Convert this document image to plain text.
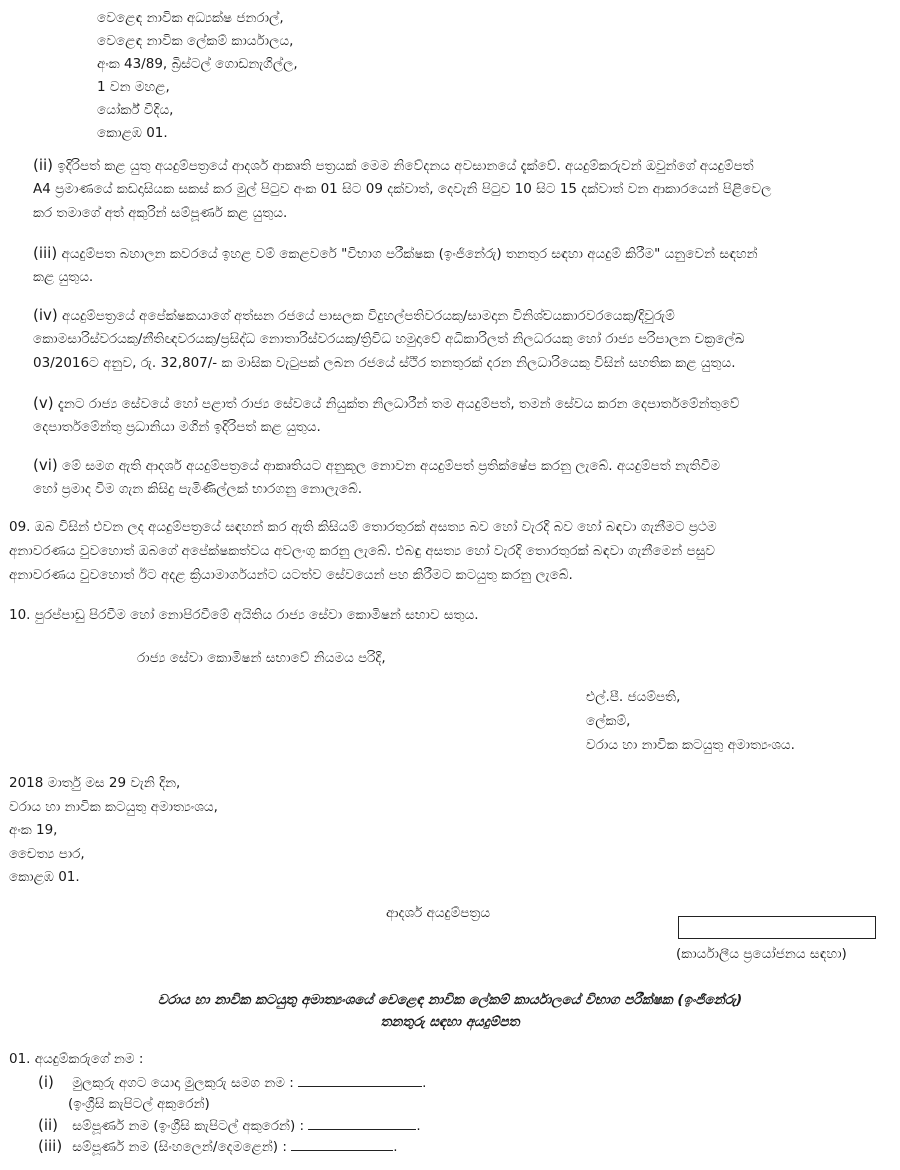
වෙළෙඳ නාවික අධ්‍යක්ෂ ජනරාල්,
වෙළෙඳ නාවික ලේකම් කාර්යාලය,
අංක 43/89, බ්‍රිස්ටල් ගොඩනැගිල්ල,
1 වන මහළ,
යෝර්ක් වීදිය,
කොළඹ 01.
(ii) ඉදිරිපත් කළ යුතු අයදුම්පත්‍රයේ ආදර්ශ ආකෘති පත්‍රයක් මෙම නිවේදනය අවසානයේ දැක්වේ. අයදුම්කරුවන් ඔවුන්ගේ අයදුම්පත්
A4 ප්‍රමාණයේ කඩදාසියක සකස් කර මුල් පිටුව අංක 01 සිට 09 දක්වාත්, දෙවැනි පිටුව 10 සිට 15 දක්වාත් වන ආකාරයෙන් පිළිවෙල
කර තමාගේ අත් අකුරින් සම්පූර්ණ කළ යුතුය.
(iii) අයදුම්පත බහාලන කවරයේ ඉහළ වම් කෙළවරේ "විභාග පරීක්ෂක (ඉංජිනේරු) තනතුර සඳහා අයදුම් කිරීම" යනුවෙන් සඳහන්
කළ යුතුය.
(iv) අයදුම්පත්‍රයේ අපේක්ෂකයාගේ අත්සන රජයේ පාසලක විදුහල්පතිවරයකු/සාමදාන විනිශ්චයකාරවරයෙකු/දිවුරුම්
කොමසාරිස්වරයකු/නීතිඥවරයකු/ප්‍රසිද්ධ නොතාරිස්වරයකු/ත්‍රිවිධ හමුදාවේ අධිකාරිලත් නිලධරයකු හෝ රාජ්‍ය පරිපාලන චක්‍රලේඛ
03/2016ට අනුව, රු. 32,807/- ක මාසික වැටුපක් ලබන රජයේ ස්ථිර තනතුරක් දරන නිලධාරියෙකු විසින් සහතික කළ යුතුය.
(v) දැනට රාජ්‍ය සේවයේ හෝ පළාත් රාජ්‍ය සේවයේ නියුක්ත නිලධාරීන් තම අයදුම්පත්, තමන් සේවය කරන දෙපාර්තමේන්තුවේ
දෙපාර්තමේන්තු ප්‍රධානියා මගින් ඉදිරිපත් කළ යුතුය.
(vi) මේ සමග ඇති ආදර්ශ අයදුම්පත්‍රයේ ආකෘතියට අනුකූල නොවන අයදුම්පත් ප්‍රතික්ෂේප කරනු ලැබේ. අයදුම්පත් නැතිවීම
හෝ ප්‍රමාද වීම ගැන කිසිදු පැමිණිල්ලක් භාරගනු නොලැබේ.
09. ඔබ විසින් එවන ලද අයදුම්පත්‍රයේ සඳහන් කර ඇති කිසියම් තොරතුරක් අසත්‍ය බව හෝ වැරදි බව හෝ බඳවා ගැනීමට ප්‍රථම
අනාවරණය වුවහොත් ඔබගේ අපේක්ෂකත්වය අවලංගු කරනු ලැබේ. එබඳු අසත්‍ය හෝ වැරදි තොරතුරක් බඳවා ගැනීමෙන් පසුව
අනාවරණය වුවහොත් ඊට අදළ ක්‍රියාමාර්ගයන්ට යටත්ව සේවයෙන් පහ කිරීමට කටයුතු කරනු ලැබේ.
10. පුරප්පාඩු පිරවීම හෝ නොපිරවීමේ අයිතිය රාජ්‍ය සේවා කොමිෂන් සභාව සතුය.
රාජ්‍ය සේවා කොමිෂන් සභාවේ නියමය පරිදි,
එල්.පී. ජයම්පති,
ලේකම්,
වරාය හා නාවික කටයුතු අමාත්‍යංශය.
2018 මාර්තු මස 29 වැනි දින,
වරාය හා නාවික කටයුතු අමාත්‍යංශය,
අංක 19,
චෛත්‍ය පාර,
කොළඹ 01.
ආදර්ශ අයදුම්පත්‍රය
(කාර්යාලීය ප්‍රයෝජනය සඳහා)
වරාය හා නාවික කටයුතු අමාත්‍යංශයේ වෙළෙඳ නාවික ලේකම් කාර්යාලයේ විභාග පරීක්ෂක (ඉංජිනේරු)
තනතුරු සඳහා අයදුම්පත
01. අයදුම්කරුගේ නම :
(i) මුලකුරු අගට යොදා මුලකුරු සමග නම :	.
(ඉංග්‍රීසි කැපිටල් අකුරෙන්)
(ii) සම්පූර්ණ නම (ඉංග්‍රීසි කැපිටල් අකුරෙන්) :	.
(iii) සම්පූර්ණ නම (සිංහලෙන්/දෙමළෙන්) :	.
